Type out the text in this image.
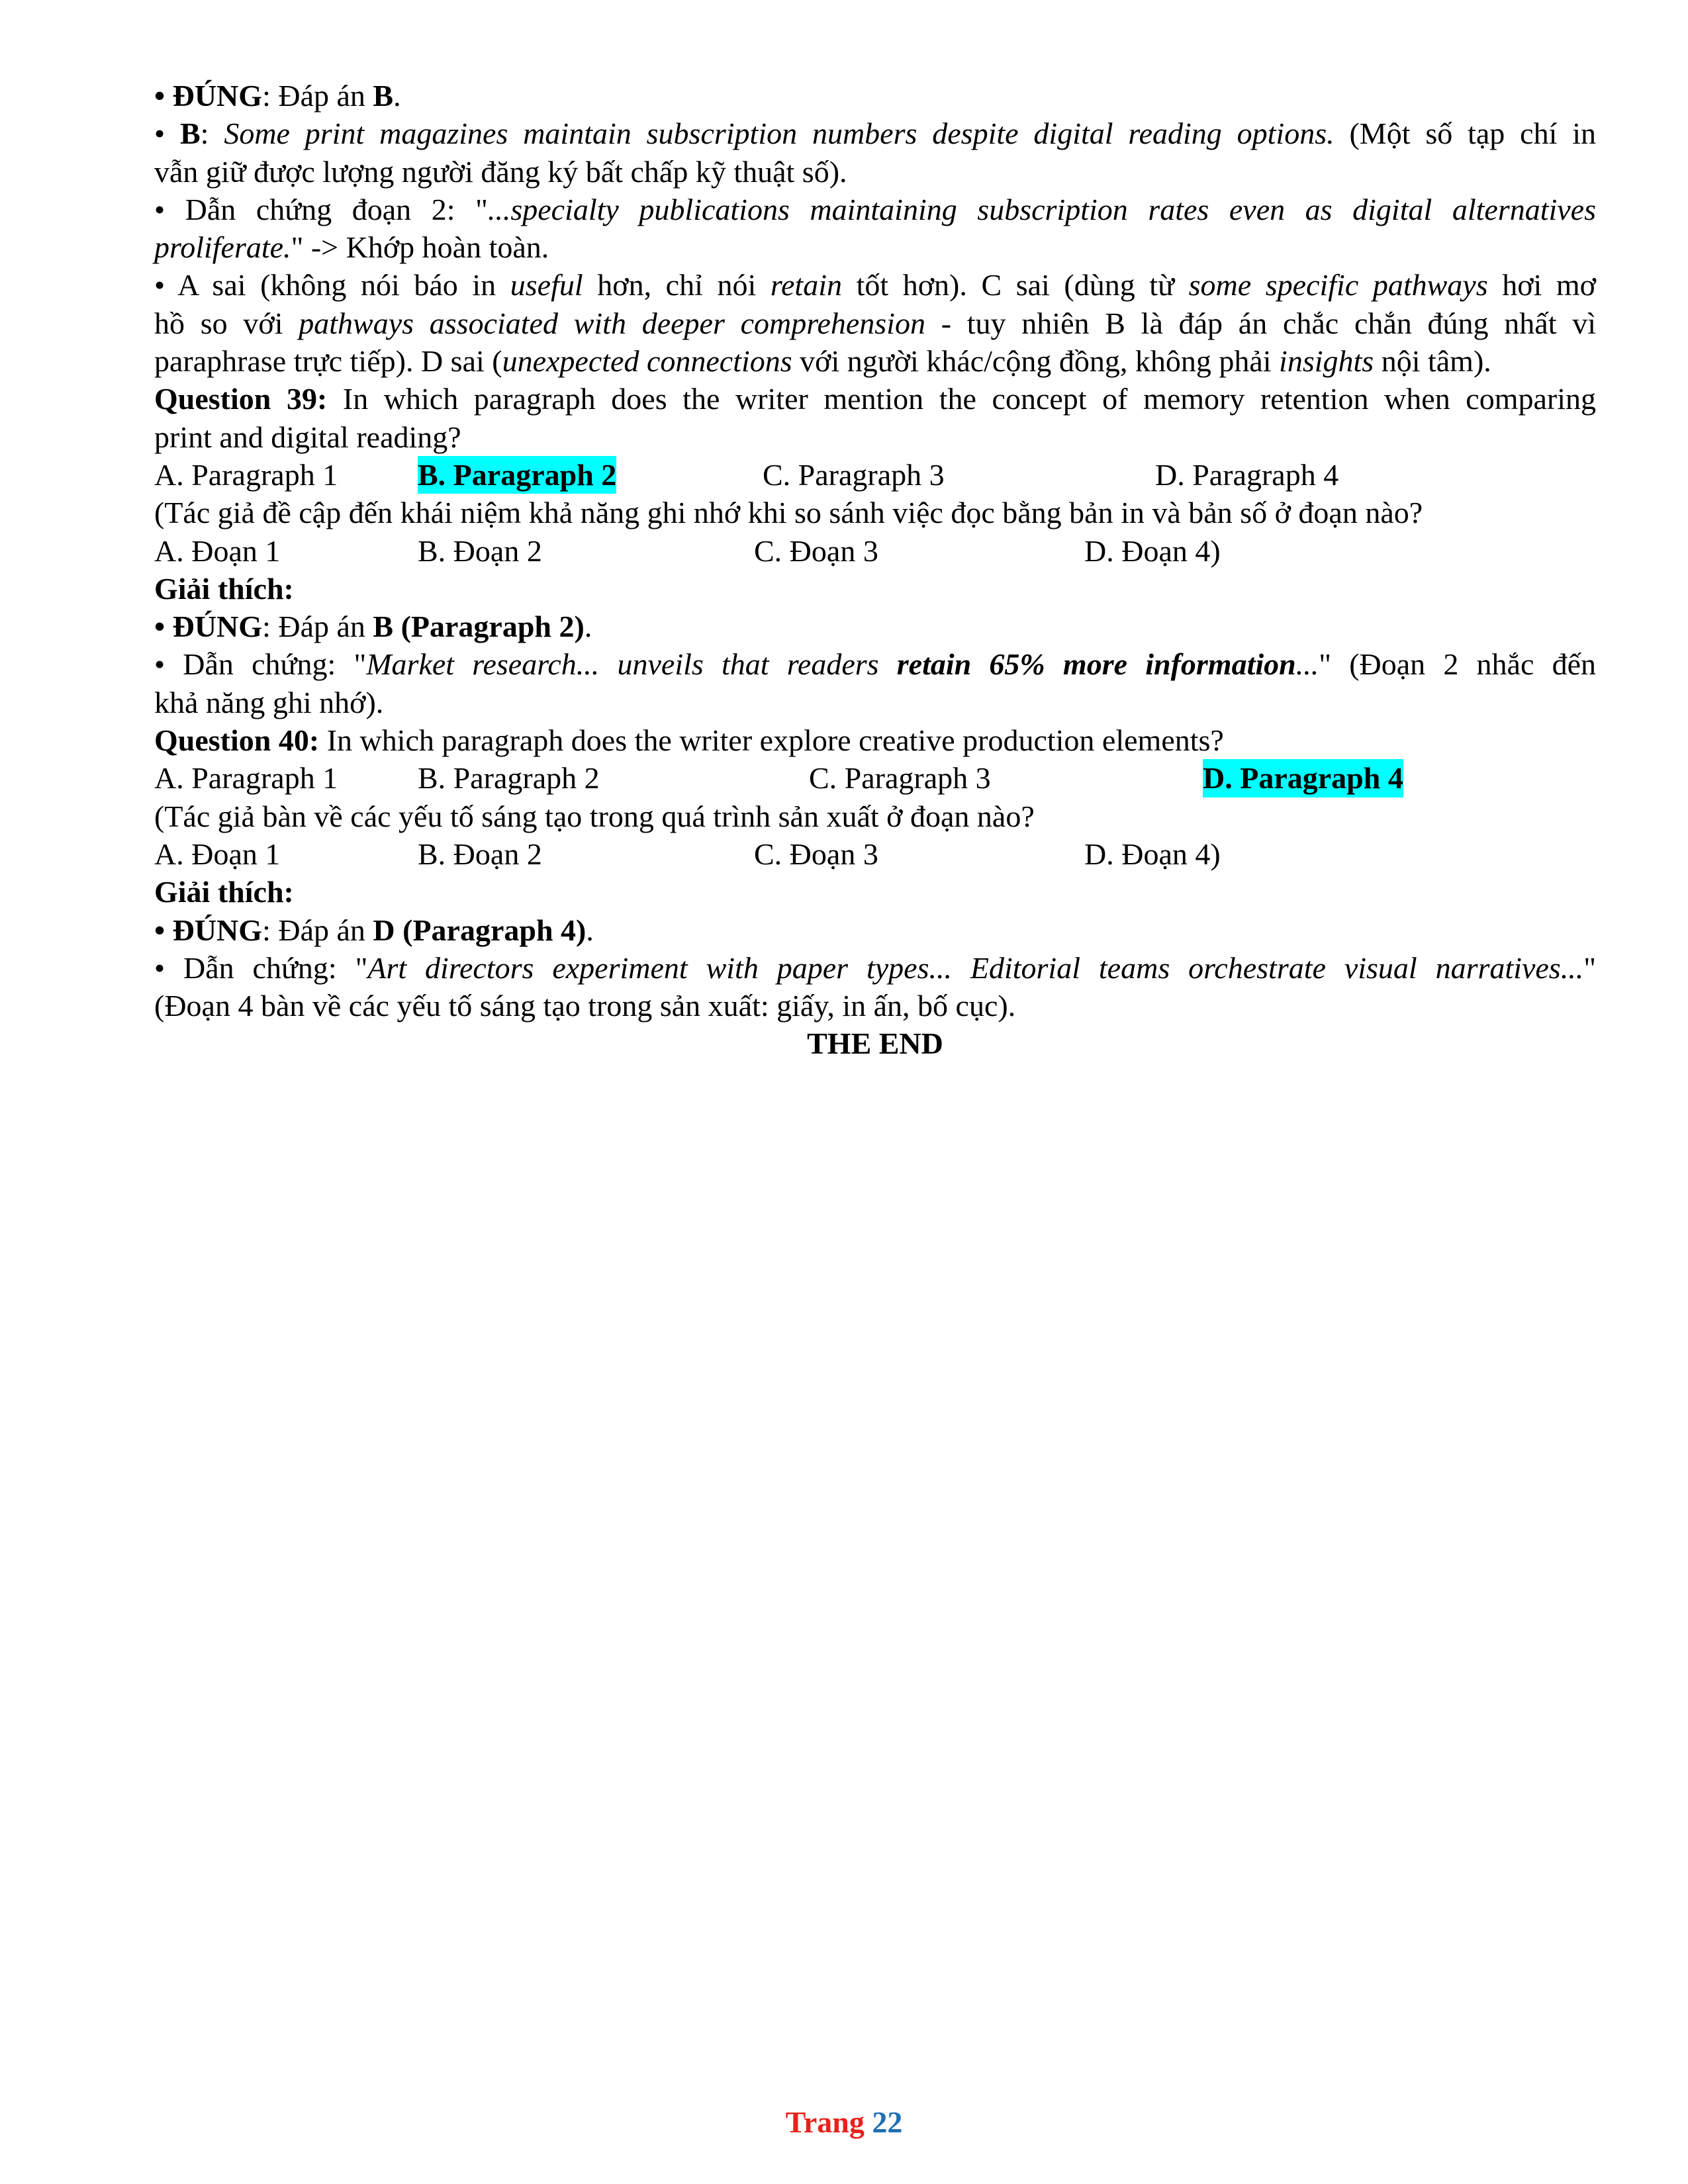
• ĐÚNG: Đáp án B.
• B: Some print magazines maintain subscription numbers despite digital reading options. (Một số tạp chí in
vẫn giữ được lượng người đăng ký bất chấp kỹ thuật số).
• Dẫn chứng đoạn 2: "...specialty publications maintaining subscription rates even as digital alternatives
proliferate." -> Khớp hoàn toàn.
• A sai (không nói báo in useful hơn, chỉ nói retain tốt hơn). C sai (dùng từ some specific pathways hơi mơ
hồ so với pathways associated with deeper comprehension - tuy nhiên B là đáp án chắc chắn đúng nhất vì
paraphrase trực tiếp). D sai (unexpected connections với người khác/cộng đồng, không phải insights nội tâm).
Question 39: In which paragraph does the writer mention the concept of memory retention when comparing
print and digital reading?
A. Paragraph 1	B. Paragraph 2	C. Paragraph 3	D. Paragraph 4
(Tác giả đề cập đến khái niệm khả năng ghi nhớ khi so sánh việc đọc bằng bản in và bản số ở đoạn nào?
A. Đoạn 1	B. Đoạn 2	C. Đoạn 3	D. Đoạn 4)
Giải thích:
• ĐÚNG: Đáp án B (Paragraph 2).
• Dẫn chứng: "Market research... unveils that readers retain 65% more information..." (Đoạn 2 nhắc đến
khả năng ghi nhớ).
Question 40: In which paragraph does the writer explore creative production elements?
A. Paragraph 1	B. Paragraph 2	C. Paragraph 3	D. Paragraph 4
(Tác giả bàn về các yếu tố sáng tạo trong quá trình sản xuất ở đoạn nào?
A. Đoạn 1	B. Đoạn 2	C. Đoạn 3	D. Đoạn 4)
Giải thích:
• ĐÚNG: Đáp án D (Paragraph 4).
• Dẫn chứng: "Art directors experiment with paper types... Editorial teams orchestrate visual narratives..."
(Đoạn 4 bàn về các yếu tố sáng tạo trong sản xuất: giấy, in ấn, bố cục).
THE END
Trang 22
